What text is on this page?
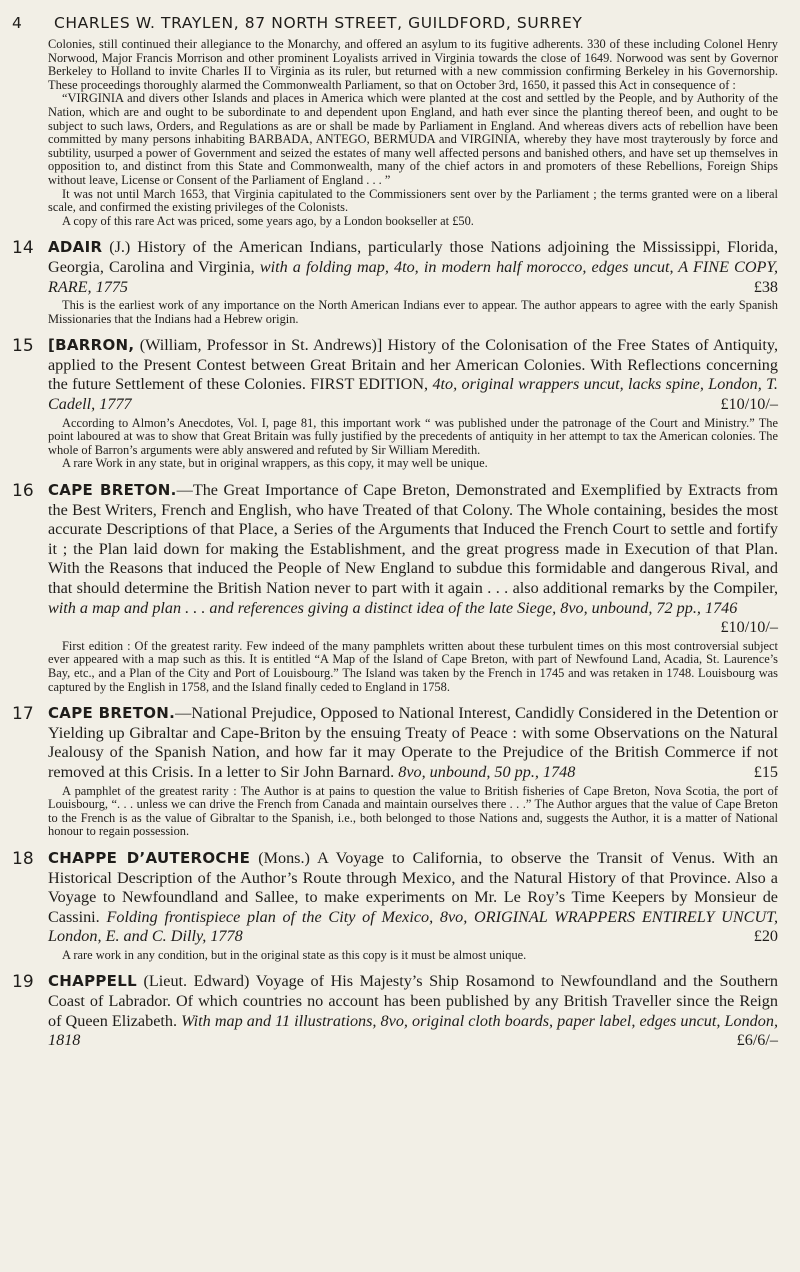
4	CHARLES W. TRAYLEN, 87 NORTH STREET, GUILDFORD, SURREY

Colonies, still continued their allegiance to the Monarchy, and offered an asylum to its fugitive adherents. 330 of these including Colonel Henry Norwood, Major Francis Morrison and other prominent Loyalists arrived in Virginia towards the close of 1649. Norwood was sent by Governor Berkeley to Holland to invite Charles II to Virginia as its ruler, but returned with a new commission confirming Berkeley in his Governorship. These proceedings thoroughly alarmed the Commonwealth Parliament, so that on October 3rd, 1650, it passed this Act in consequence of :

“VIRGINIA and divers other Islands and places in America which were planted at the cost and settled by the People, and by Authority of the Nation, which are and ought to be subordinate to and dependent upon England, and hath ever since the planting thereof been, and ought to be subject to such laws, Orders, and Regulations as are or shall be made by Parliament in England. And whereas divers acts of rebellion have been committed by many persons inhabiting BARBADA, ANTEGO, BERMUDA and VIRGINIA, whereby they have most trayterously by force and subtility, usurped a power of Government and seized the estates of many well affected persons and banished others, and have set up themselves in opposition to, and distinct from this State and Commonwealth, many of the chief actors in and promoters of these Rebellions, Foreign Ships without leave, License or Consent of the Parliament of England . . . ”

It was not until March 1653, that Virginia capitulated to the Commissioners sent over by the Parliament ; the terms granted were on a liberal scale, and confirmed the existing privileges of the Colonists.

A copy of this rare Act was priced, some years ago, by a London bookseller at £50.

14 ADAIR (J.) History of the American Indians, particularly those Nations adjoining the Mississippi, Florida, Georgia, Carolina and Virginia, with a folding map, 4to, in modern half morocco, edges uncut, A FINE COPY, RARE, 1775	£38

This is the earliest work of any importance on the North American Indians ever to appear. The author appears to agree with the early Spanish Missionaries that the Indians had a Hebrew origin.

15 [BARRON, (William, Professor in St. Andrews)] History of the Colonisation of the Free States of Antiquity, applied to the Present Contest between Great Britain and her American Colonies. With Reflections concerning the future Settlement of these Colonies. FIRST EDITION, 4to, original wrappers uncut, lacks spine, London, T. Cadell, 1777	£10/10/–

According to Almon’s Anecdotes, Vol. I, page 81, this important work “ was published under the patronage of the Court and Ministry.” The point laboured at was to show that Great Britain was fully justified by the precedents of antiquity in her attempt to tax the American colonies. The whole of Barron’s arguments were ably answered and refuted by Sir William Meredith.

A rare Work in any state, but in original wrappers, as this copy, it may well be unique.

16 CAPE BRETON.—The Great Importance of Cape Breton, Demonstrated and Exemplified by Extracts from the Best Writers, French and English, who have Treated of that Colony. The Whole containing, besides the most accurate Descriptions of that Place, a Series of the Arguments that Induced the French Court to settle and fortify it ; the Plan laid down for making the Establishment, and the great progress made in Execution of that Plan. With the Reasons that induced the People of New England to subdue this formidable and dangerous Rival, and that should determine the British Nation never to part with it again . . . also additional remarks by the Compiler, with a map and plan . . . and references giving a distinct idea of the late Siege, 8vo, unbound, 72 pp., 1746
£10/10/–

First edition : Of the greatest rarity. Few indeed of the many pamphlets written about these turbulent times on this most controversial subject ever appeared with a map such as this. It is entitled “A Map of the Island of Cape Breton, with part of Newfound Land, Acadia, St. Laurence’s Bay, etc., and a Plan of the City and Port of Louisbourg.” The Island was taken by the French in 1745 and was retaken in 1748. Louisbourg was captured by the English in 1758, and the Island finally ceded to England in 1758.

17 CAPE BRETON.—National Prejudice, Opposed to National Interest, Candidly Considered in the Detention or Yielding up Gibraltar and Cape-Briton by the ensuing Treaty of Peace : with some Observations on the Natural Jealousy of the Spanish Nation, and how far it may Operate to the Prejudice of the British Commerce if not removed at this Crisis. In a letter to Sir John Barnard. 8vo, unbound, 50 pp., 1748	£15

A pamphlet of the greatest rarity : The Author is at pains to question the value to British fisheries of Cape Breton, Nova Scotia, the port of Louisbourg, “. . . unless we can drive the French from Canada and maintain ourselves there . . .” The Author argues that the value of Cape Breton to the French is as the value of Gibraltar to the Spanish, i.e., both belonged to those Nations and, suggests the Author, it is a matter of National honour to regain possession.

18 CHAPPE D’AUTEROCHE (Mons.) A Voyage to California, to observe the Transit of Venus. With an Historical Description of the Author’s Route through Mexico, and the Natural History of that Province. Also a Voyage to Newfoundland and Sallee, to make experiments on Mr. Le Roy’s Time Keepers by Monsieur de Cassini. Folding frontispiece plan of the City of Mexico, 8vo, ORIGINAL WRAPPERS ENTIRELY UNCUT, London, E. and C. Dilly, 1778	£20

A rare work in any condition, but in the original state as this copy is it must be almost unique.

19 CHAPPELL (Lieut. Edward) Voyage of His Majesty’s Ship Rosamond to Newfoundland and the Southern Coast of Labrador. Of which countries no account has been published by any British Traveller since the Reign of Queen Elizabeth. With map and 11 illustrations, 8vo, original cloth boards, paper label, edges uncut, London, 1818	£6/6/–
